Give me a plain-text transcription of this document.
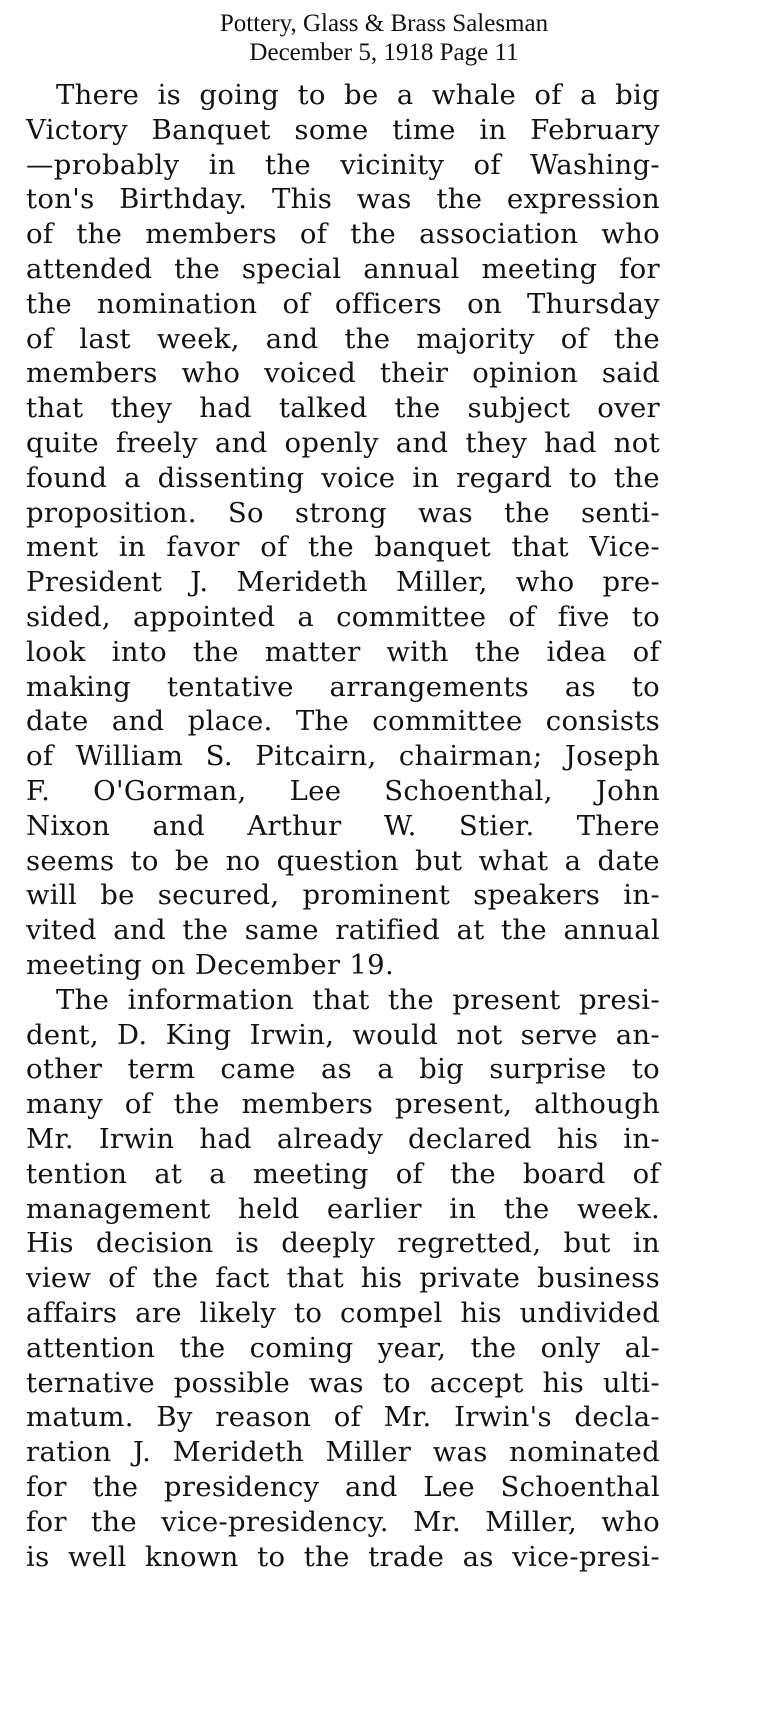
Pottery, Glass & Brass Salesman
December 5, 1918 Page 11
There is going to be a whale of a big
Victory Banquet some time in February
—probably in the vicinity of Washing-
ton's Birthday. This was the expression
of the members of the association who
attended the special annual meeting for
the nomination of officers on Thursday
of last week, and the majority of the
members who voiced their opinion said
that they had talked the subject over
quite freely and openly and they had not
found a dissenting voice in regard to the
proposition. So strong was the senti-
ment in favor of the banquet that Vice-
President J. Merideth Miller, who pre-
sided, appointed a committee of five to
look into the matter with the idea of
making tentative arrangements as to
date and place. The committee consists
of William S. Pitcairn, chairman; Joseph
F. O'Gorman, Lee Schoenthal, John
Nixon and Arthur W. Stier. There
seems to be no question but what a date
will be secured, prominent speakers in-
vited and the same ratified at the annual
meeting on December 19.
The information that the present presi-
dent, D. King Irwin, would not serve an-
other term came as a big surprise to
many of the members present, although
Mr. Irwin had already declared his in-
tention at a meeting of the board of
management held earlier in the week.
His decision is deeply regretted, but in
view of the fact that his private business
affairs are likely to compel his undivided
attention the coming year, the only al-
ternative possible was to accept his ulti-
matum. By reason of Mr. Irwin's decla-
ration J. Merideth Miller was nominated
for the presidency and Lee Schoenthal
for the vice-presidency. Mr. Miller, who
is well known to the trade as vice-presi-
